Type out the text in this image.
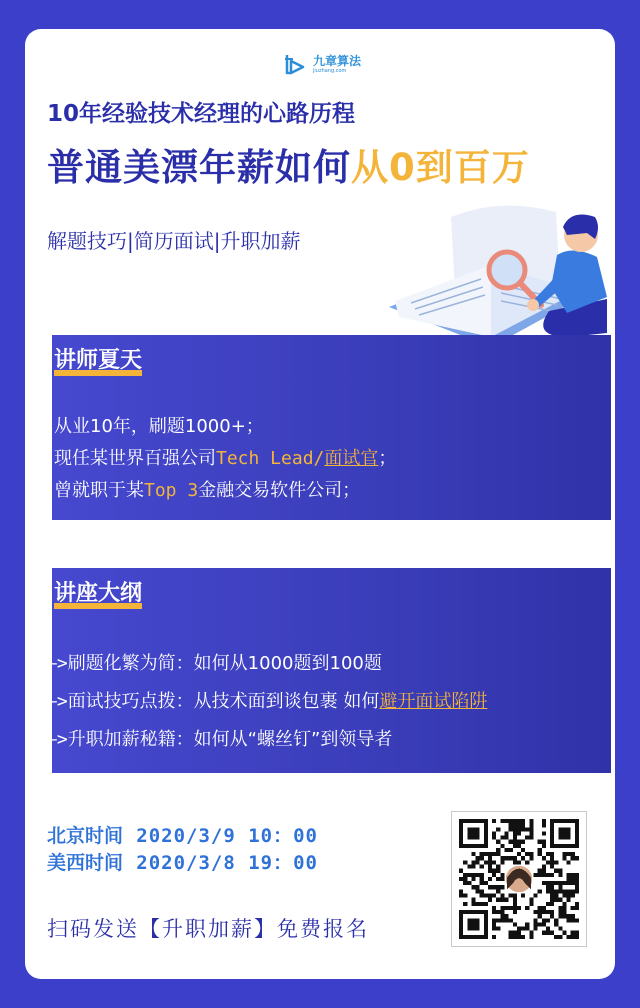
九章算法
jiuzhang.com
10年经验技术经理的心路历程
普通美漂年薪如何从0到百万
解题技巧|简历面试|升职加薪
讲师夏天
从业10年，刷题1000+；
现任某世界百强公司Tech Lead/面试官；
曾就职于某Top 3金融交易软件公司；
讲座大纲
—>刷题化繁为简：如何从1000题到100题
—>面试技巧点拨：从技术面到谈包裹 如何避开面试陷阱
—>升职加薪秘籍：如何从“螺丝钉”到领导者
北京时间 2020/3/9 10：00
美西时间 2020/3/8 19：00
扫码发送【升职加薪】免费报名
